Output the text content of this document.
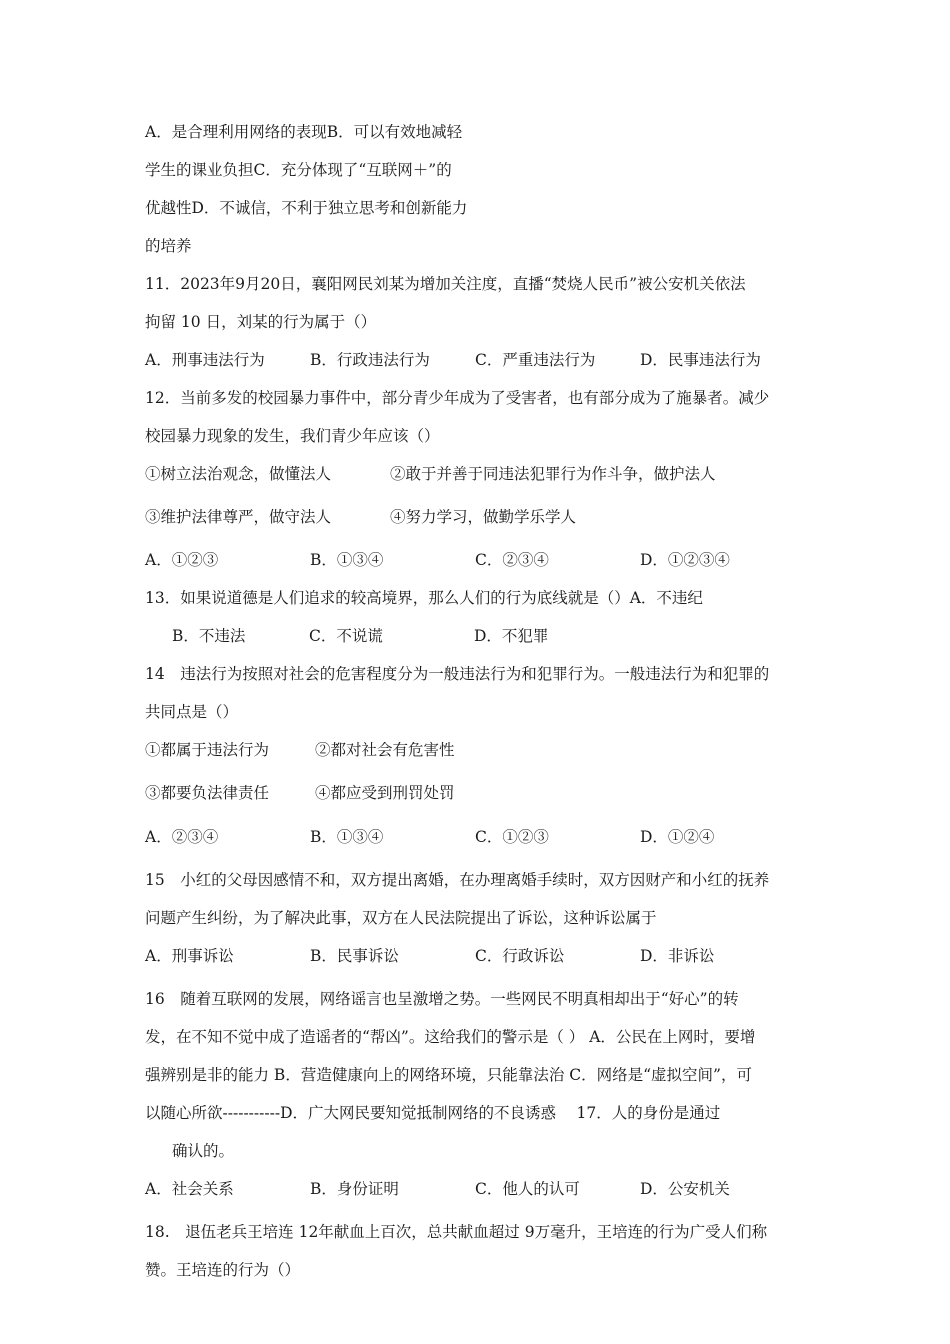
A．是合理利用网络的表现B．可以有效地减轻
学生的课业负担C．充分体现了“互联网＋”的
优越性D．不诚信，不利于独立思考和创新能力
的培养
11．2023年9月20日，襄阳网民刘某为增加关注度，直播“焚烧人民币”被公安机关依法
拘留 10 日，刘某的行为属于（）
A．刑事违法行为	B．行政违法行为	C．严重违法行为	D．民事违法行为
12．当前多发的校园暴力事件中，部分青少年成为了受害者，也有部分成为了施暴者。减少
校园暴力现象的发生，我们青少年应该（）
①树立法治观念，做懂法人	②敢于并善于同违法犯罪行为作斗争，做护法人
③维护法律尊严，做守法人	④努力学习，做勤学乐学人
A．①②③	B．①③④	C．②③④	D．①②③④
13．如果说道德是人们追求的较高境界，那么人们的行为底线就是（）A．不违纪
B．不违法	C．不说谎	D．不犯罪
14　违法行为按照对社会的危害程度分为一般违法行为和犯罪行为。一般违法行为和犯罪的
共同点是（）
①都属于违法行为	②都对社会有危害性
③都要负法律责任	④都应受到刑罚处罚
A．②③④	B．①③④	C．①②③	D．①②④
15　小红的父母因感情不和，双方提出离婚，在办理离婚手续时，双方因财产和小红的抚养
问题产生纠纷，为了解决此事，双方在人民法院提出了诉讼，这种诉讼属于
A．刑事诉讼	B．民事诉讼	C．行政诉讼	D．非诉讼
16　随着互联网的发展，网络谣言也呈激增之势。一些网民不明真相却出于“好心”的转
发，在不知不觉中成了造谣者的“帮凶”。这给我们的警示是（ ） A．公民在上网时，要增
强辨别是非的能力 B．营造健康向上的网络环境，只能靠法治 C．网络是“虚拟空间”，可
以随心所欲-----------D．广大网民要知觉抵制网络的不良诱惑　 17．人的身份是通过
确认的。
A．社会关系	B．身份证明	C．他人的认可	D．公安机关
18.　退伍老兵王培连 12年献血上百次，总共献血超过 9万毫升，王培连的行为广受人们称
赞。王培连的行为（）
